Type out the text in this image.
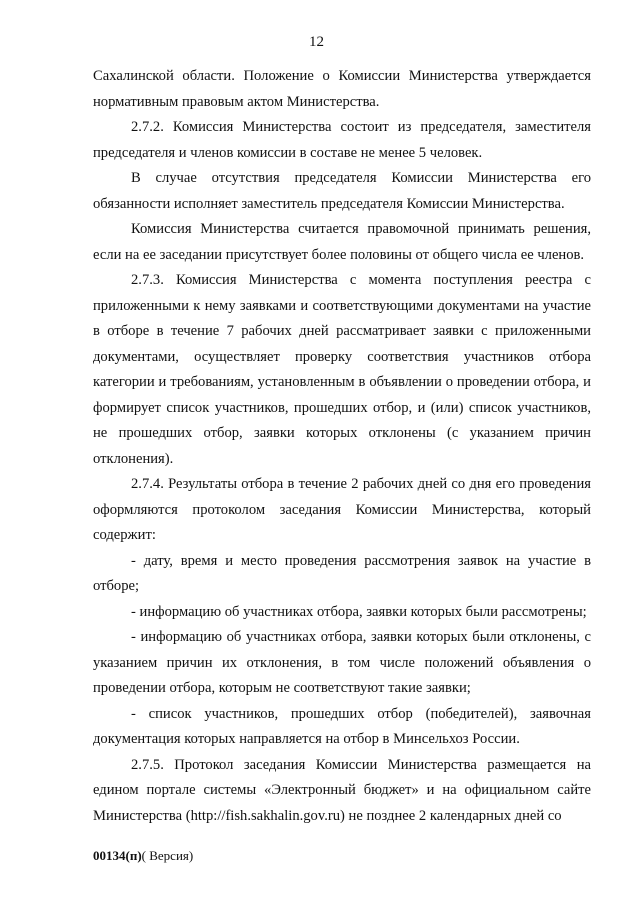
12

Сахалинской области. Положение о Комиссии Министерства утверждается нормативным правовым актом Министерства.

2.7.2. Комиссия Министерства состоит из председателя, заместителя председателя и членов комиссии в составе не менее 5 человек.

В случае отсутствия председателя Комиссии Министерства его обязанности исполняет заместитель председателя Комиссии Министерства.

Комиссия Министерства считается правомочной принимать решения, если на ее заседании присутствует более половины от общего числа ее членов.

2.7.3. Комиссия Министерства с момента поступления реестра с приложенными к нему заявками и соответствующими документами на участие в отборе в течение 7 рабочих дней рассматривает заявки с приложенными документами, осуществляет проверку соответствия участников отбора категории и требованиям, установленным в объявлении о проведении отбора, и формирует список участников, прошедших отбор, и (или) список участников, не прошедших отбор, заявки которых отклонены (с указанием причин отклонения).

2.7.4. Результаты отбора в течение 2 рабочих дней со дня его проведения оформляются протоколом заседания Комиссии Министерства, который содержит:

- дату, время и место проведения рассмотрения заявок на участие в отборе;

- информацию об участниках отбора, заявки которых были рассмотрены;

- информацию об участниках отбора, заявки которых были отклонены, с указанием причин их отклонения, в том числе положений объявления о проведении отбора, которым не соответствуют такие заявки;

- список участников, прошедших отбор (победителей), заявочная документация которых направляется на отбор в Минсельхоз России.

2.7.5. Протокол заседания Комиссии Министерства размещается на едином портале системы «Электронный бюджет» и на официальном сайте Министерства (http://fish.sakhalin.gov.ru) не позднее 2 календарных дней со

00134(п)( Версия)
